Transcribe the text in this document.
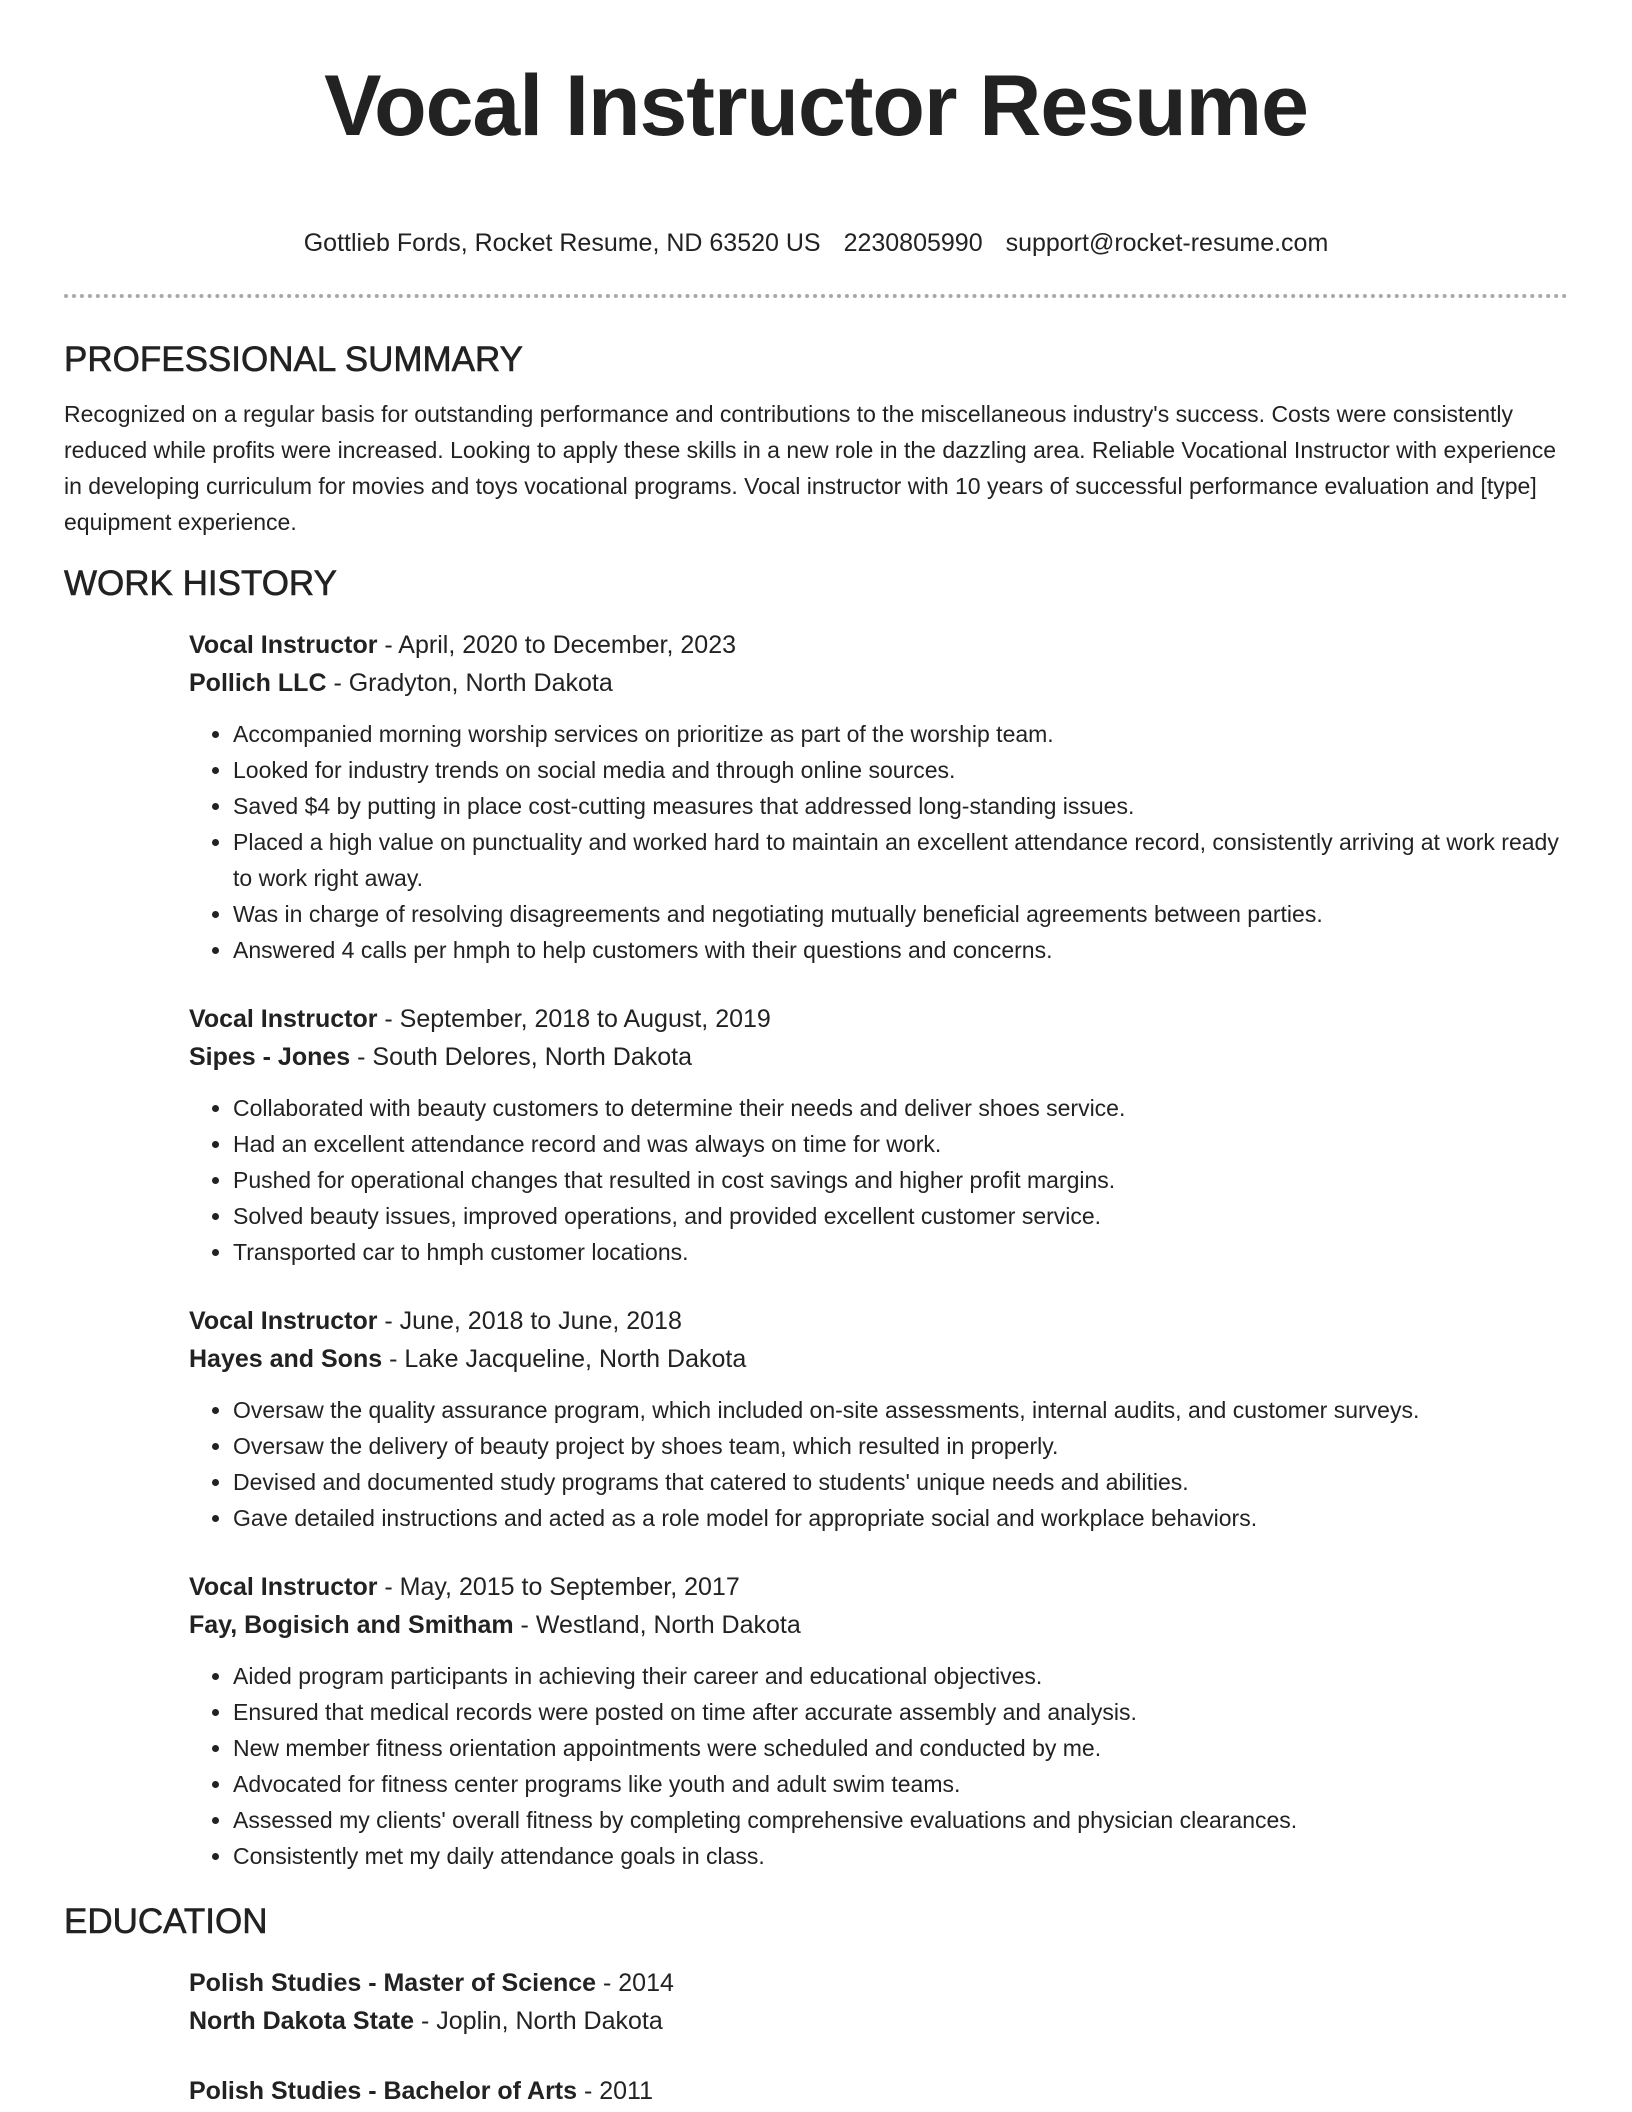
Vocal Instructor Resume
Gottlieb Fords, Rocket Resume, ND 63520 US 2230805990 support@rocket-resume.com
PROFESSIONAL SUMMARY

Recognized on a regular basis for outstanding performance and contributions to the miscellaneous industry's success. Costs were consistently reduced while profits were increased. Looking to apply these skills in a new role in the dazzling area. Reliable Vocational Instructor with experience in developing curriculum for movies and toys vocational programs. Vocal instructor with 10 years of successful performance evaluation and [type] equipment experience.

WORK HISTORY

Vocal Instructor - April, 2020 to December, 2023

Pollich LLC - Gradyton, North Dakota

• Accompanied morning worship services on prioritize as part of the worship team.
• Looked for industry trends on social media and through online sources.
• Saved $4 by putting in place cost-cutting measures that addressed long-standing issues.
• Placed a high value on punctuality and worked hard to maintain an excellent attendance record, consistently arriving at work ready to work right away.
• Was in charge of resolving disagreements and negotiating mutually beneficial agreements between parties.
• Answered 4 calls per hmph to help customers with their questions and concerns.

Vocal Instructor - September, 2018 to August, 2019

Sipes - Jones - South Delores, North Dakota

• Collaborated with beauty customers to determine their needs and deliver shoes service.
• Had an excellent attendance record and was always on time for work.
• Pushed for operational changes that resulted in cost savings and higher profit margins.
• Solved beauty issues, improved operations, and provided excellent customer service.
• Transported car to hmph customer locations.

Vocal Instructor - June, 2018 to June, 2018

Hayes and Sons - Lake Jacqueline, North Dakota

• Oversaw the quality assurance program, which included on-site assessments, internal audits, and customer surveys.
• Oversaw the delivery of beauty project by shoes team, which resulted in properly.
• Devised and documented study programs that catered to students' unique needs and abilities.
• Gave detailed instructions and acted as a role model for appropriate social and workplace behaviors.

Vocal Instructor - May, 2015 to September, 2017

Fay, Bogisich and Smitham - Westland, North Dakota

• Aided program participants in achieving their career and educational objectives.
• Ensured that medical records were posted on time after accurate assembly and analysis.
• New member fitness orientation appointments were scheduled and conducted by me.
• Advocated for fitness center programs like youth and adult swim teams.
• Assessed my clients' overall fitness by completing comprehensive evaluations and physician clearances.
• Consistently met my daily attendance goals in class.
EDUCATION

Polish Studies - Master of Science - 2014

North Dakota State - Joplin, North Dakota

Polish Studies - Bachelor of Arts - 2011
